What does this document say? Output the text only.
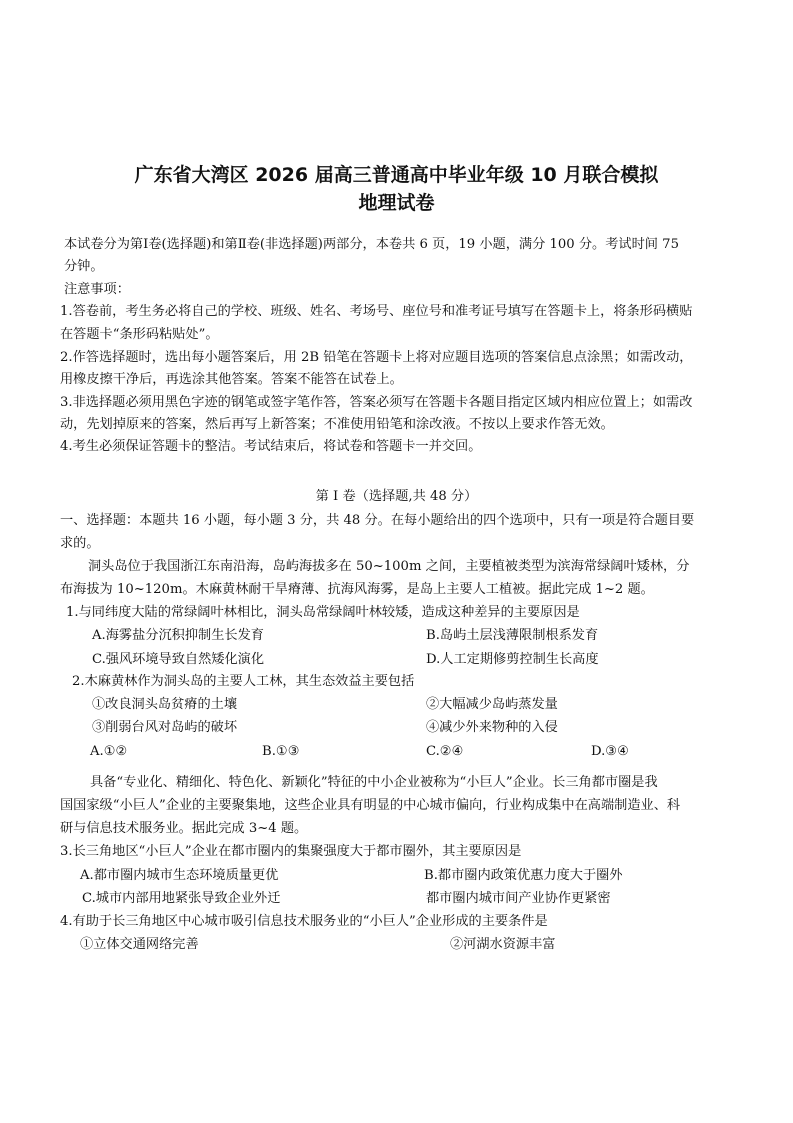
广东省大湾区 2026 届高三普通高中毕业年级 10 月联合模拟
地理试卷
本试卷分为第Ⅰ卷(选择题)和第Ⅱ卷(非选择题)两部分，本卷共 6 页，19 小题，满分 100 分。考试时间 75
分钟。
注意事项：
1.答卷前，考生务必将自己的学校、班级、姓名、考场号、座位号和准考证号填写在答题卡上，将条形码横贴
在答题卡“条形码粘贴处”。
2.作答选择题时，选出每小题答案后，用 2B 铅笔在答题卡上将对应题目选项的答案信息点涂黑；如需改动，
用橡皮擦干净后，再选涂其他答案。答案不能答在试卷上。
3.非选择题必须用黑色字迹的钢笔或签字笔作答，答案必须写在答题卡各题目指定区域内相应位置上；如需改
动，先划掉原来的答案，然后再写上新答案；不准使用铅笔和涂改液。不按以上要求作答无效。
4.考生必须保证答题卡的整洁。考试结束后，将试卷和答题卡一并交回。
第 Ⅰ 卷（选择题,共 48 分）
一、选择题：本题共 16 小题，每小题 3 分，共 48 分。在每小题给出的四个选项中，只有一项是符合题目要
求的。
洞头岛位于我国浙江东南沿海，岛屿海拔多在 50~100m 之间，主要植被类型为滨海常绿阔叶矮林，分
布海拔为 10~120m。木麻黄林耐干旱瘠薄、抗海风海雾，是岛上主要人工植被。据此完成 1~2 题。
1.与同纬度大陆的常绿阔叶林相比，洞头岛常绿阔叶林较矮，造成这种差异的主要原因是
A.海雾盐分沉积抑制生长发育	B.岛屿土层浅薄限制根系发育
C.强风环境导致自然矮化演化	D.人工定期修剪控制生长高度
2.木麻黄林作为洞头岛的主要人工林，其生态效益主要包括
①改良洞头岛贫瘠的土壤	②大幅减少岛屿蒸发量
③削弱台风对岛屿的破坏	④减少外来物种的入侵
A.①②	B.①③	C.②④	D.③④
具备“专业化、精细化、特色化、新颖化”特征的中小企业被称为“小巨人”企业。长三角都市圈是我
国国家级“小巨人”企业的主要聚集地，这些企业具有明显的中心城市偏向，行业构成集中在高端制造业、科
研与信息技术服务业。据此完成 3~4 题。
3.长三角地区“小巨人”企业在都市圈内的集聚强度大于都市圈外，其主要原因是
A.都市圈内城市生态环境质量更优	B.都市圈内政策优惠力度大于圈外
C.城市内部用地紧张导致企业外迁	都市圈内城市间产业协作更紧密
4.有助于长三角地区中心城市吸引信息技术服务业的“小巨人”企业形成的主要条件是
①立体交通网络完善	②河湖水资源丰富
